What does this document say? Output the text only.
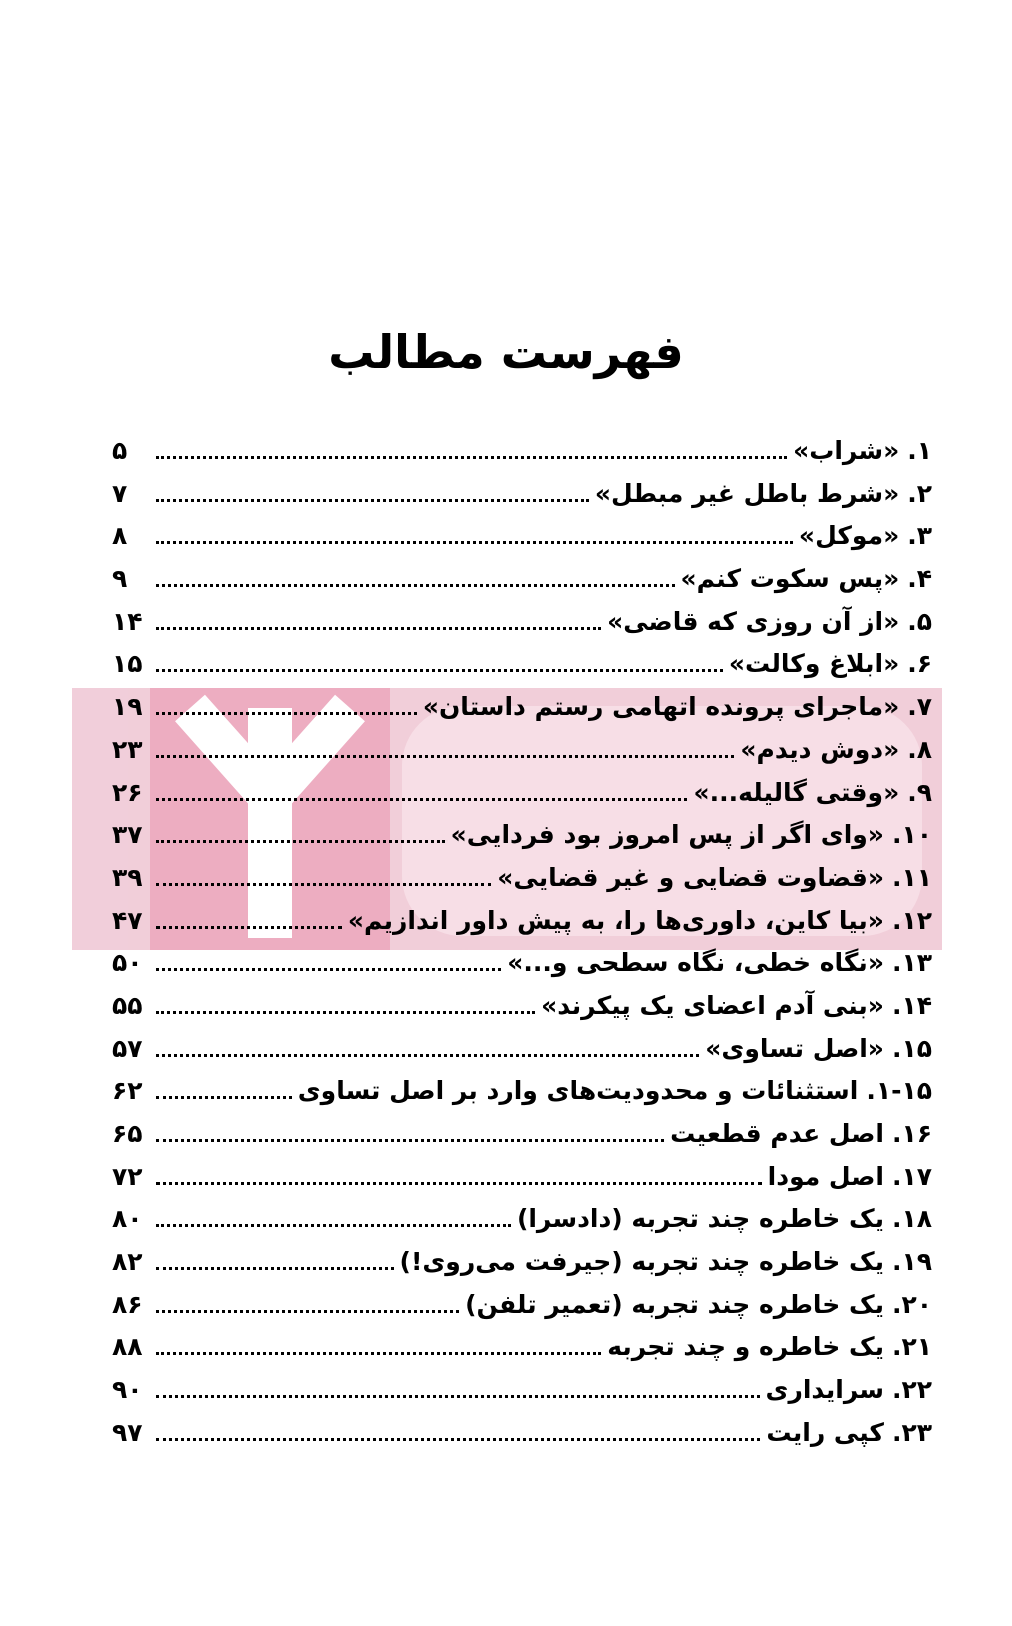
فهرست مطالب
۱.
«شراب»
۵
۲.
«شرط باطل غیر مبطل»
۷
۳.
«موکل»
۸
۴.
«پس سکوت کنم»
۹
۵.
«از آن روزی که قاضی»
۱۴
۶.
«ابلاغ وکالت»
۱۵
۷.
«ماجرای پرونده اتهامی رستم داستان»
۱۹
۸.
«دوش دیدم»
۲۳
۹.
«وقتی گالیله...»
۲۶
۱۰.
«وای اگر از پس امروز بود فردایی»
۳۷
۱۱.
«قضاوت قضایی و غیر قضایی»
۳۹
۱۲.
«بیا کاین، داوری‌ها را، به پیش داور اندازیم»
۴۷
۱۳.
«نگاه خطی، نگاه سطحی و...»
۵۰
۱۴.
«بنی آدم اعضای یک پیکرند»
۵۵
۱۵.
«اصل تساوی»
۵۷
۱-۱۵.
استثنائات و محدودیت‌های وارد بر اصل تساوی
۶۲
۱۶.
اصل عدم قطعیت
۶۵
۱۷.
اصل مودا
۷۲
۱۸.
یک خاطره چند تجربه (دادسرا)
۸۰
۱۹.
یک خاطره چند تجربه (جیرفت می‌روی!)
۸۲
۲۰.
یک خاطره چند تجربه (تعمیر تلفن)
۸۶
۲۱.
یک خاطره و چند تجربه
۸۸
۲۲.
سرایداری
۹۰
۲۳.
کپی رایت
۹۷
